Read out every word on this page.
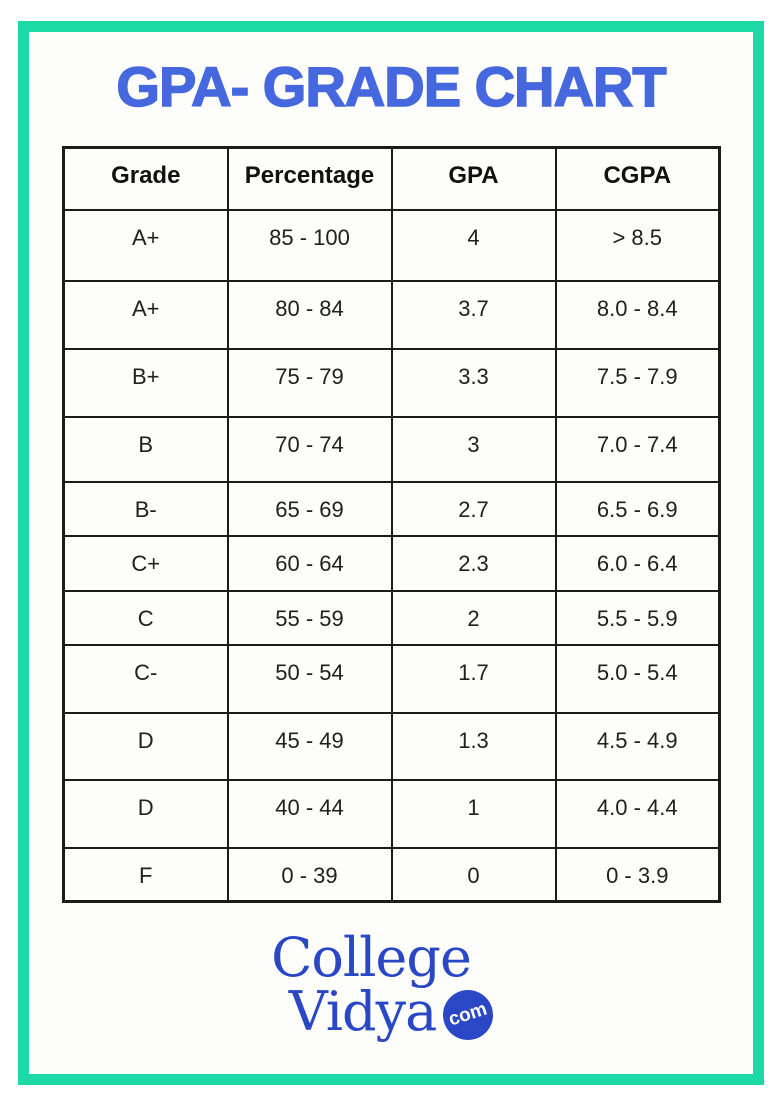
GPA- GRADE CHART
Grade	Percentage	GPA	CGPA
A+	85 - 100	4	> 8.5
A+	80 - 84	3.7	8.0 - 8.4
B+	75 - 79	3.3	7.5 - 7.9
B	70 - 74	3	7.0 - 7.4
B-	65 - 69	2.7	6.5 - 6.9
C+	60 - 64	2.3	6.0 - 6.4
C	55 - 59	2	5.5 - 5.9
C-	50 - 54	1.7	5.0 - 5.4
D	45 - 49	1.3	4.5 - 4.9
D	40 - 44	1	4.0 - 4.4
F	0 - 39	0	0 - 3.9
College
Vidya com
